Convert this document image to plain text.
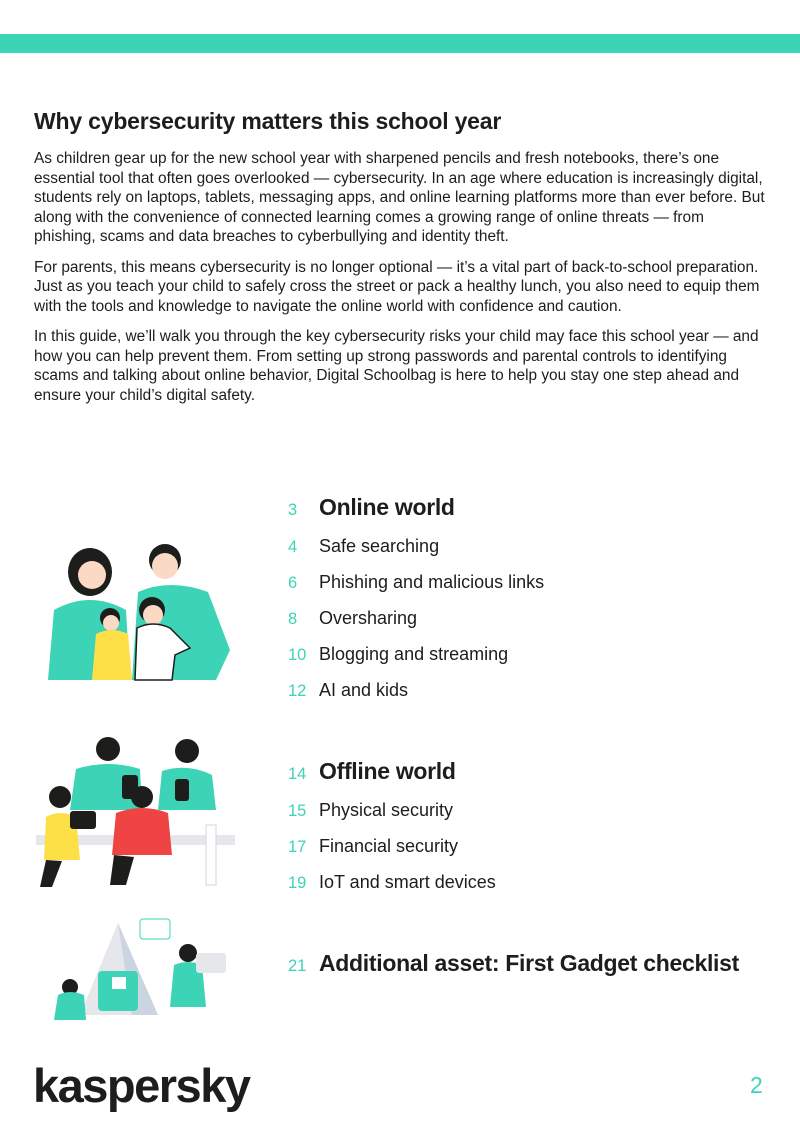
Why cybersecurity matters this school year

As children gear up for the new school year with sharpened pencils and fresh notebooks, there’s one essential tool that often goes overlooked — cybersecurity. In an age where education is increasingly digital, students rely on laptops, tablets, messaging apps, and online learning platforms more than ever before. But along with the convenience of connected learning comes a growing range of online threats — from phishing, scams and data breaches to cyberbullying and identity theft.

For parents, this means cybersecurity is no longer optional — it’s a vital part of back-to-school preparation. Just as you teach your child to safely cross the street or pack a healthy lunch, you also need to equip them with the tools and knowledge to navigate the online world with confidence and caution.

In this guide, we’ll walk you through the key cybersecurity risks your child may face this school year — and how you can help prevent them. From setting up strong passwords and parental controls to identifying scams and talking about online behavior, Digital Schoolbag is here to help you stay one step ahead and ensure your child’s digital safety.

3 Online world
4	Safe searching
6	Phishing and malicious links
8	Oversharing
10 Blogging and streaming
12 AI and kids
14 Offline world
15 Physical security
17 Financial security
19 IoT and smart devices
21 Additional asset: First Gadget checklist
kaspersky	2
